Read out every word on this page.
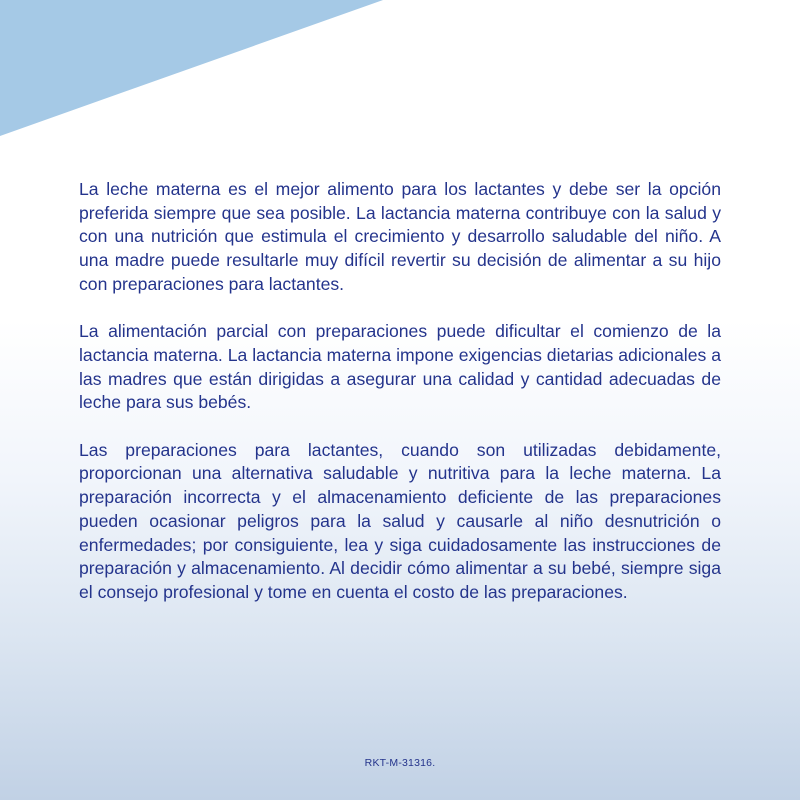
La leche materna es el mejor alimento para los lactantes y debe ser la opción preferida siempre que sea posible. La lactancia materna contribuye con la salud y con una nutrición que estimula el crecimiento y desarrollo saludable del niño. A una madre puede resultarle muy difícil revertir su decisión de alimentar a su hijo con preparaciones para lactantes.

La alimentación parcial con preparaciones puede dificultar el comienzo de la lactancia materna. La lactancia materna impone exigencias dietarias adicionales a las madres que están dirigidas a asegurar una calidad y cantidad adecuadas de leche para sus bebés.

Las preparaciones para lactantes, cuando son utilizadas debidamente, proporcionan una alternativa saludable y nutritiva para la leche materna. La preparación incorrecta y el almacenamiento deficiente de las preparaciones pueden ocasionar peligros para la salud y causarle al niño desnutrición o enfermedades; por consiguiente, lea y siga cuidadosamente las instrucciones de preparación y almacenamiento. Al decidir cómo alimentar a su bebé, siempre siga el consejo profesional y tome en cuenta el costo de las preparaciones.

RKT-M-31316.
